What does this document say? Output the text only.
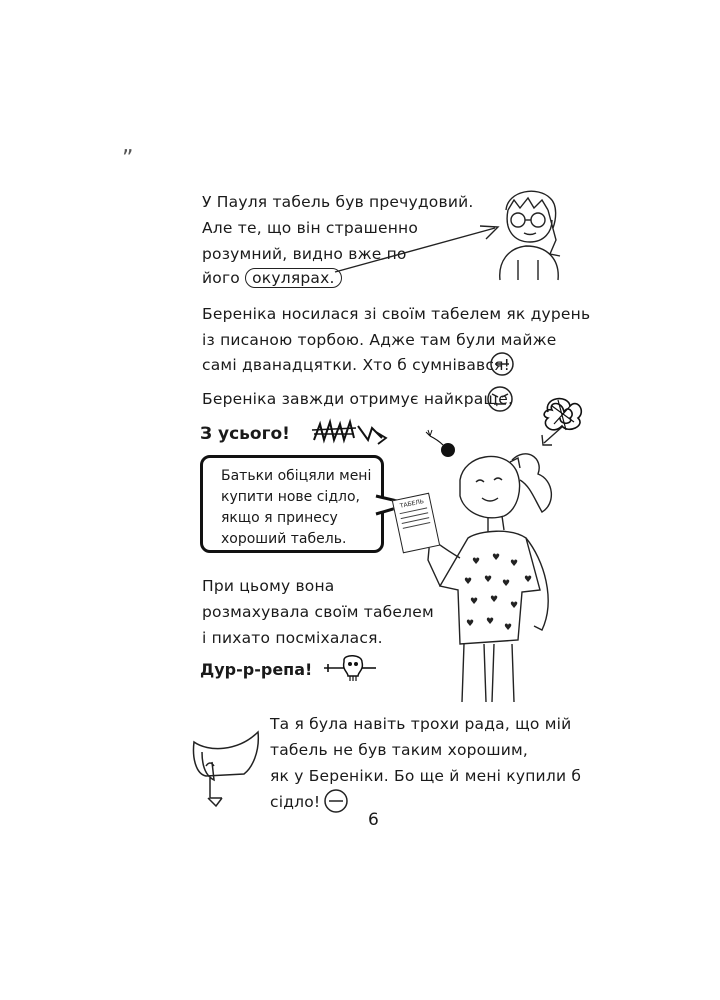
„
У Пауля табель був пречудовий.
Але те, що він страшенно
розумний, видно вже по
його окулярах.
Береніка носилася зі своїм табелем як дурень
із писаною торбою. Адже там були майже
самі дванадцятки. Хто б сумнівався!
Береніка завжди отримує найкраще.
З усього!
Батьки обіцяли мені
купити нове сідло,
якщо я принесу
хороший табель.
♥ ♥
♥
♥ ♥ ♥ ♥
♥ ♥
♥
♥ ♥
♥
ТАБЕЛЬ
При цьому вона
розмахувала своїм табелем
і пихато посміхалася.
Дур-р-репа!
Та я була навіть трохи рада, що мій
табель не був таким хорошим,
як у Береніки. Бо ще й мені купили б
сідло!
6
